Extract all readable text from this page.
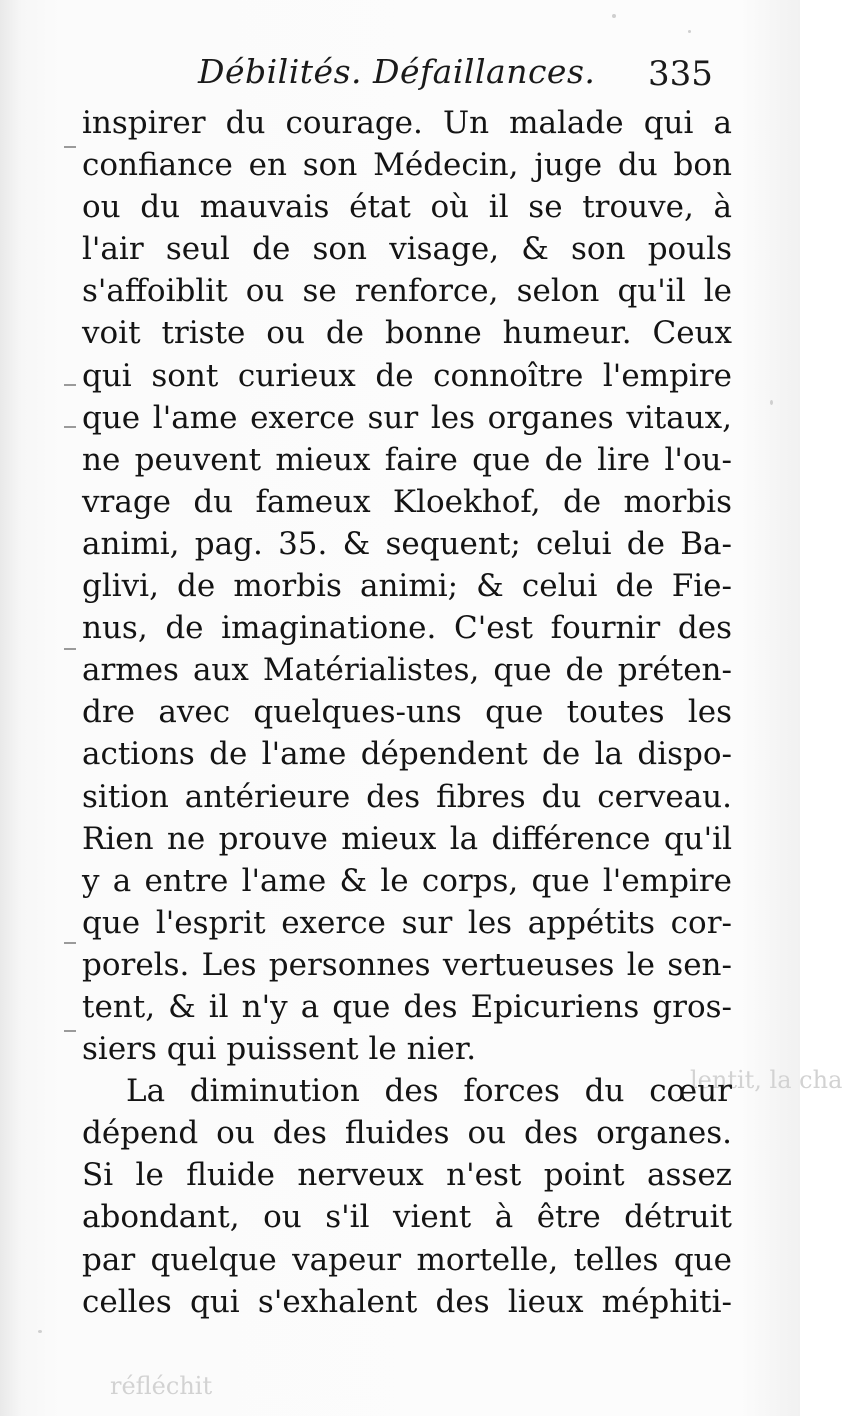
lentit, la cha
réfléchit
Débilités. Défaillances. 335
inspirer du courage. Un malade qui a
confiance en son Médecin, juge du bon
ou du mauvais état où il se trouve, à
l'air seul de son visage, & son pouls
s'affoiblit ou se renforce, selon qu'il le
voit triste ou de bonne humeur. Ceux
qui sont curieux de connoître l'empire
que l'ame exerce sur les organes vitaux,
ne peuvent mieux faire que de lire l'ou-
vrage du fameux Kloekhof, de morbis
animi, pag. 35. & sequent; celui de Ba-
glivi, de morbis animi; & celui de Fie-
nus, de imaginatione. C'est fournir des
armes aux Matérialistes, que de préten-
dre avec quelques-uns que toutes les
actions de l'ame dépendent de la dispo-
sition antérieure des fibres du cerveau.
Rien ne prouve mieux la différence qu'il
y a entre l'ame & le corps, que l'empire
que l'esprit exerce sur les appétits cor-
porels. Les personnes vertueuses le sen-
tent, & il n'y a que des Epicuriens gros-
siers qui puissent le nier.
La diminution des forces du cœur
dépend ou des fluides ou des organes.
Si le fluide nerveux n'est point assez
abondant, ou s'il vient à être détruit
par quelque vapeur mortelle, telles que
celles qui s'exhalent des lieux méphiti-
